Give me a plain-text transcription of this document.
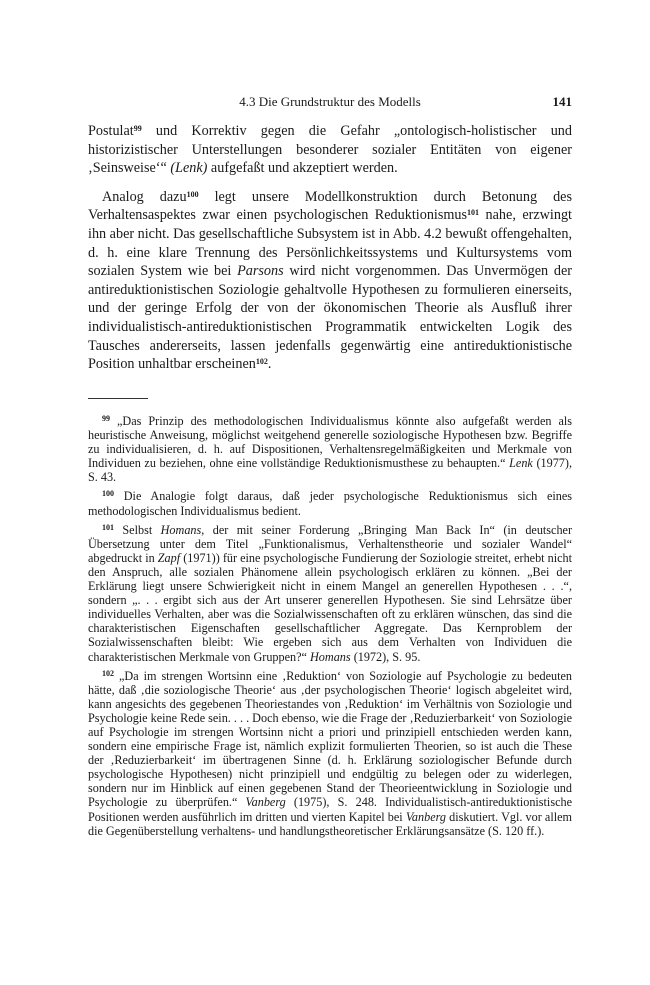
4.3 Die Grundstruktur des Modells	141

Postulat$^{99}$ und Korrektiv gegen die Gefahr „ontologisch-holistischer und historizistischer Unterstellungen besonderer sozialer Entitäten von eigener ‚Seinsweise‘“ (Lenk) aufgefaßt und akzeptiert werden.

Analog dazu$^{100}$ legt unsere Modellkonstruktion durch Betonung des Verhaltensaspektes zwar einen psychologischen Reduktionismus$^{101}$ nahe, erzwingt ihn aber nicht. Das gesellschaftliche Subsystem ist in Abb. 4.2 bewußt offengehalten, d. h. eine klare Trennung des Persönlichkeitssystems und Kultursystems vom sozialen System wie bei Parsons wird nicht vorgenommen. Das Unvermögen der antireduktionistischen Soziologie gehaltvolle Hypothesen zu formulieren einerseits, und der geringe Erfolg der von der ökonomischen Theorie als Ausfluß ihrer individualistisch-antireduktionistischen Programmatik entwickelten Logik des Tausches andererseits, lassen jedenfalls gegenwärtig eine antireduktionistische Position unhaltbar erscheinen$^{102}$.

$^{99}$ „Das Prinzip des methodologischen Individualismus könnte also aufgefaßt werden als heuristische Anweisung, möglichst weitgehend generelle soziologische Hypothesen bzw. Begriffe zu individualisieren, d. h. auf Dispositionen, Verhaltensregelmäßigkeiten und Merkmale von Individuen zu beziehen, ohne eine vollständige Reduktionismusthese zu behaupten.“ Lenk (1977), S. 43.

$^{100}$ Die Analogie folgt daraus, daß jeder psychologische Reduktionismus sich eines methodologischen Individualismus bedient.

$^{101}$ Selbst Homans, der mit seiner Forderung „Bringing Man Back In“ (in deutscher Übersetzung unter dem Titel „Funktionalismus, Verhaltenstheorie und sozialer Wandel“ abgedruckt in Zapf (1971)) für eine psychologische Fundierung der Soziologie streitet, erhebt nicht den Anspruch, alle sozialen Phänomene allein psychologisch erklären zu können. „Bei der Erklärung liegt unsere Schwierigkeit nicht in einem Mangel an generellen Hypothesen . . .“, sondern „. . . ergibt sich aus der Art unserer generellen Hypothesen. Sie sind Lehrsätze über individuelles Verhalten, aber was die Sozialwissenschaften oft zu erklären wünschen, das sind die charakteristischen Eigenschaften gesellschaftlicher Aggregate. Das Kernproblem der Sozialwissenschaften bleibt: Wie ergeben sich aus dem Verhalten von Individuen die charakteristischen Merkmale von Gruppen?“ Homans (1972), S. 95.

$^{102}$ „Da im strengen Wortsinn eine ‚Reduktion‘ von Soziologie auf Psychologie zu bedeuten hätte, daß ‚die soziologische Theorie‘ aus ‚der psychologischen Theorie‘ logisch abgeleitet wird, kann angesichts des gegebenen Theoriestandes von ‚Reduktion‘ im Verhältnis von Soziologie und Psychologie keine Rede sein. . . . Doch ebenso, wie die Frage der ‚Reduzierbarkeit‘ von Soziologie auf Psychologie im strengen Wortsinn nicht a priori und prinzipiell entschieden werden kann, sondern eine empirische Frage ist, nämlich explizit formulierten Theorien, so ist auch die These der ‚Reduzierbarkeit‘ im übertragenen Sinne (d. h. Erklärung soziologischer Befunde durch psychologische Hypothesen) nicht prinzipiell und endgültig zu belegen oder zu widerlegen, sondern nur im Hinblick auf einen gegebenen Stand der Theorieentwicklung in Soziologie und Psychologie zu überprüfen.“ Vanberg (1975), S. 248. Individualistisch-antireduktionistische Positionen werden ausführlich im dritten und vierten Kapitel bei Vanberg diskutiert. Vgl. vor allem die Gegenüberstellung verhaltens- und handlungstheoretischer Erklärungsansätze (S. 120 ff.).
